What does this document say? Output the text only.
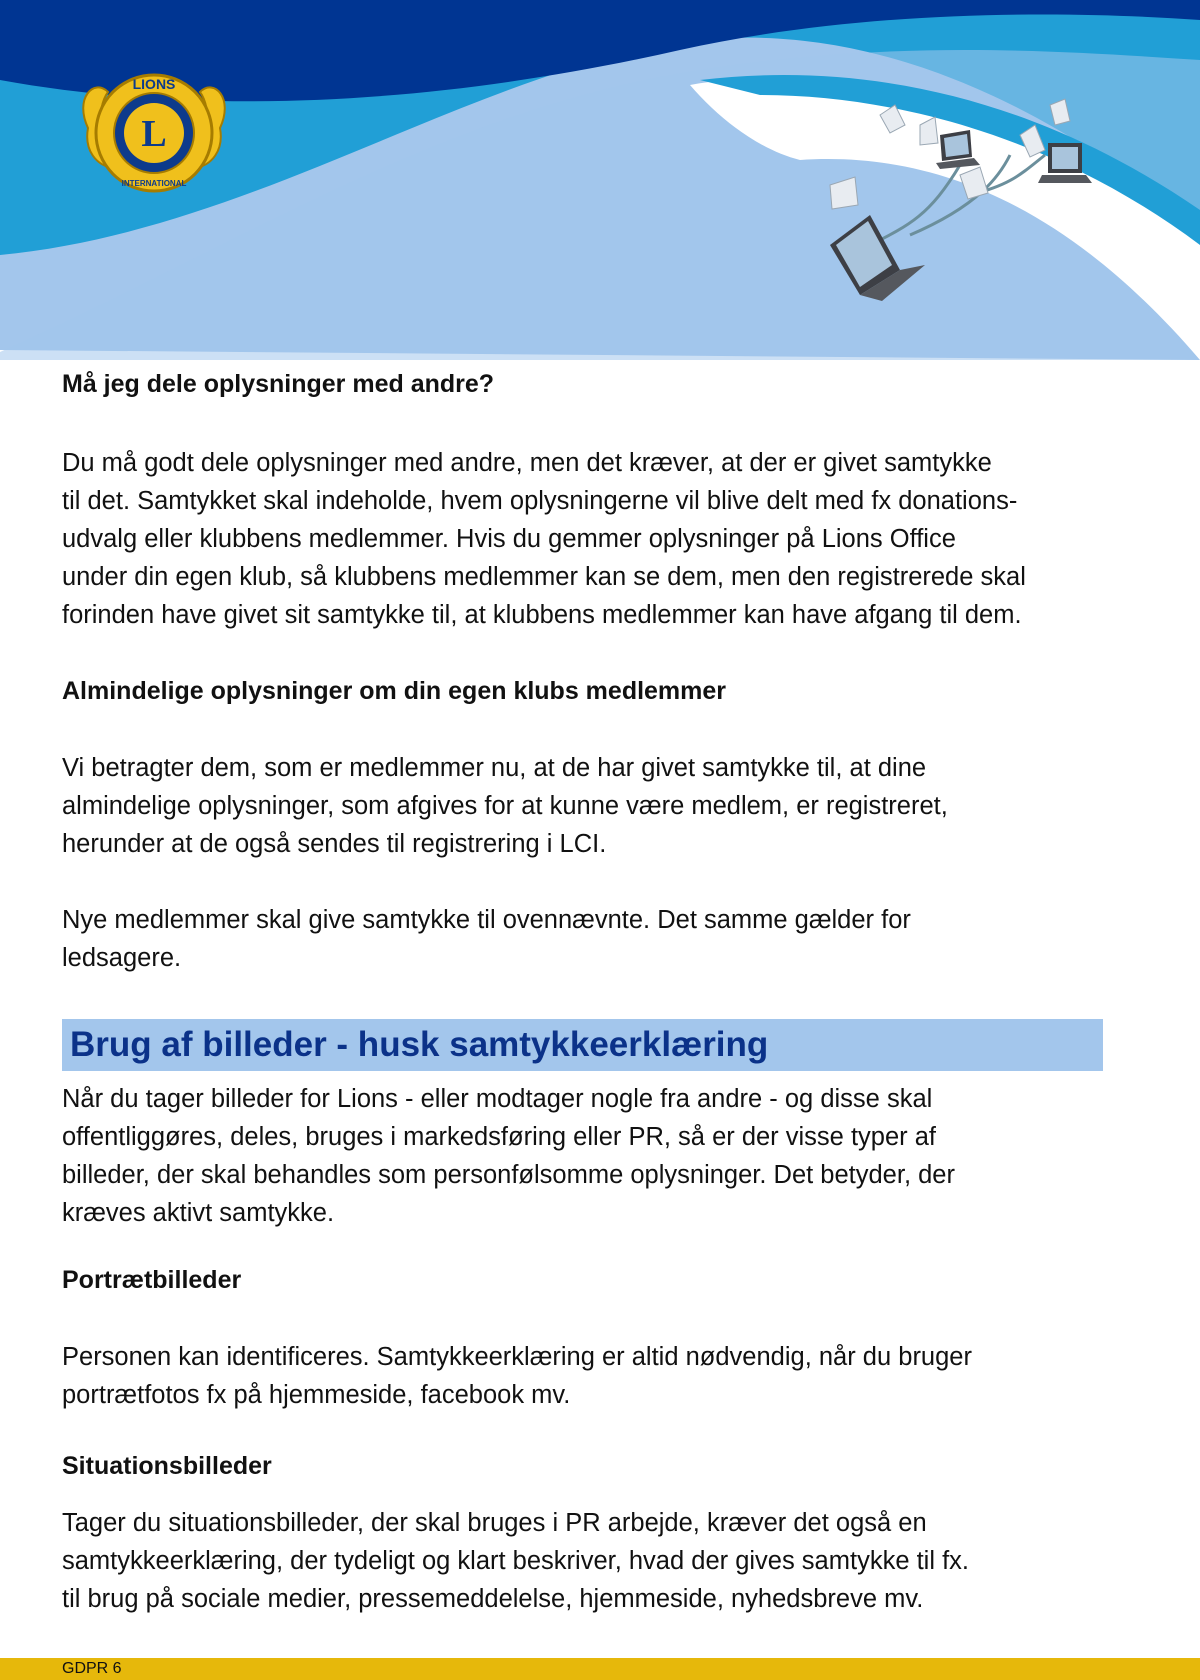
L
LIONS
INTERNATIONAL
Må jeg dele oplysninger med andre?

Du må godt dele oplysninger med andre, men det kræver, at der er givet samtykke
til det. Samtykket skal indeholde, hvem oplysningerne vil blive delt med fx donations-
udvalg eller klubbens medlemmer. Hvis du gemmer oplysninger på Lions Office
under din egen klub, så klubbens medlemmer kan se dem, men den registrerede skal
forinden have givet sit samtykke til, at klubbens medlemmer kan have afgang til dem.

Almindelige oplysninger om din egen klubs medlemmer

Vi betragter dem, som er medlemmer nu, at de har givet samtykke til, at dine
almindelige oplysninger, som afgives for at kunne være medlem, er registreret,
herunder at de også sendes til registrering i LCI.

Nye medlemmer skal give samtykke til ovennævnte. Det samme gælder for
ledsagere.

Brug af billeder - husk samtykkeerklæring

Når du tager billeder for Lions - eller modtager nogle fra andre - og disse skal
offentliggøres, deles, bruges i markedsføring eller PR, så er der visse typer af
billeder, der skal behandles som personfølsomme oplysninger. Det betyder, der
kræves aktivt samtykke.

Portrætbilleder

Personen kan identificeres. Samtykkeerklæring er altid nødvendig, når du bruger
portrætfotos fx på hjemmeside, facebook mv.

Situationsbilleder

Tager du situationsbilleder, der skal bruges i PR arbejde, kræver det også en
samtykkeerklæring, der tydeligt og klart beskriver, hvad der gives samtykke til fx.
til brug på sociale medier, pressemeddelelse, hjemmeside, nyhedsbreve mv.

GDPR 6
